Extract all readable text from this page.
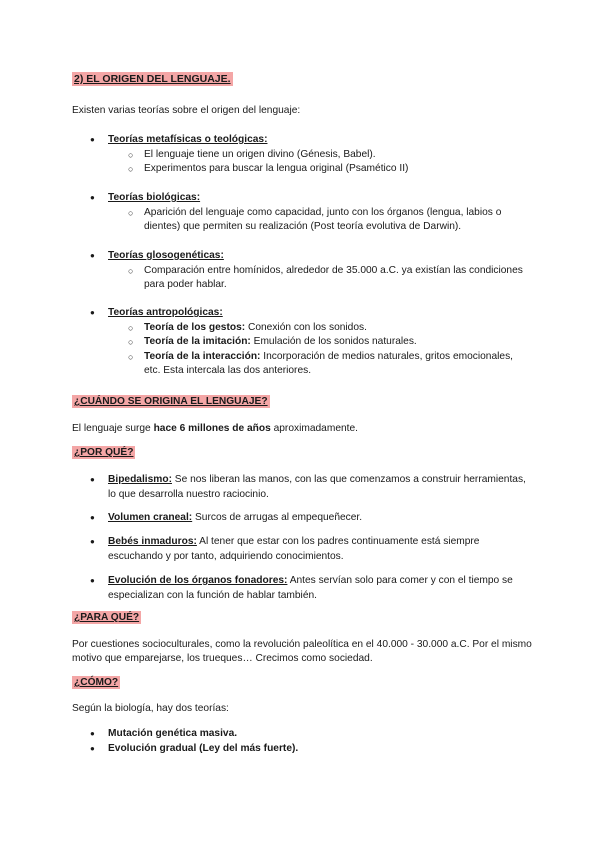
2) EL ORIGEN DEL LENGUAJE.

Existen varias teorías sobre el origen del lenguaje:

● Teorías metafísicas o teológicas:
○ El lenguaje tiene un origen divino (Génesis, Babel).
○ Experimentos para buscar la lengua original (Psamético II)
● Teorías biológicas:
○ Aparición del lenguaje como capacidad, junto con los órganos (lengua, labios o dientes) que permiten su realización (Post teoría evolutiva de Darwin).
● Teorías glosogenéticas:
○ Comparación entre homínidos, alrededor de 35.000 a.C. ya existían las condiciones para poder hablar.
● Teorías antropológicas:
○ Teoría de los gestos: Conexión con los sonidos.
○ Teoría de la imitación: Emulación de los sonidos naturales.
○ Teoría de la interacción: Incorporación de medios naturales, gritos emocionales, etc. Esta intercala las dos anteriores.
¿CUÁNDO SE ORIGINA EL LENGUAJE?

El lenguaje surge hace 6 millones de años aproximadamente.

¿POR QUÉ?
● Bipedalismo: Se nos liberan las manos, con las que comenzamos a construir herramientas, lo que desarrolla nuestro raciocinio.
● Volumen craneal: Surcos de arrugas al empequeñecer.
● Bebés inmaduros: Al tener que estar con los padres continuamente está siempre escuchando y por tanto, adquiriendo conocimientos.
● Evolución de los órganos fonadores: Antes servían solo para comer y con el tiempo se especializan con la función de hablar también.
¿PARA QUÉ?

Por cuestiones socioculturales, como la revolución paleolítica en el 40.000 - 30.000 a.C. Por el mismo motivo que emparejarse, los trueques… Crecimos como sociedad.

¿CÓMO?

Según la biología, hay dos teorías:

● Mutación genética masiva.
● Evolución gradual (Ley del más fuerte).
